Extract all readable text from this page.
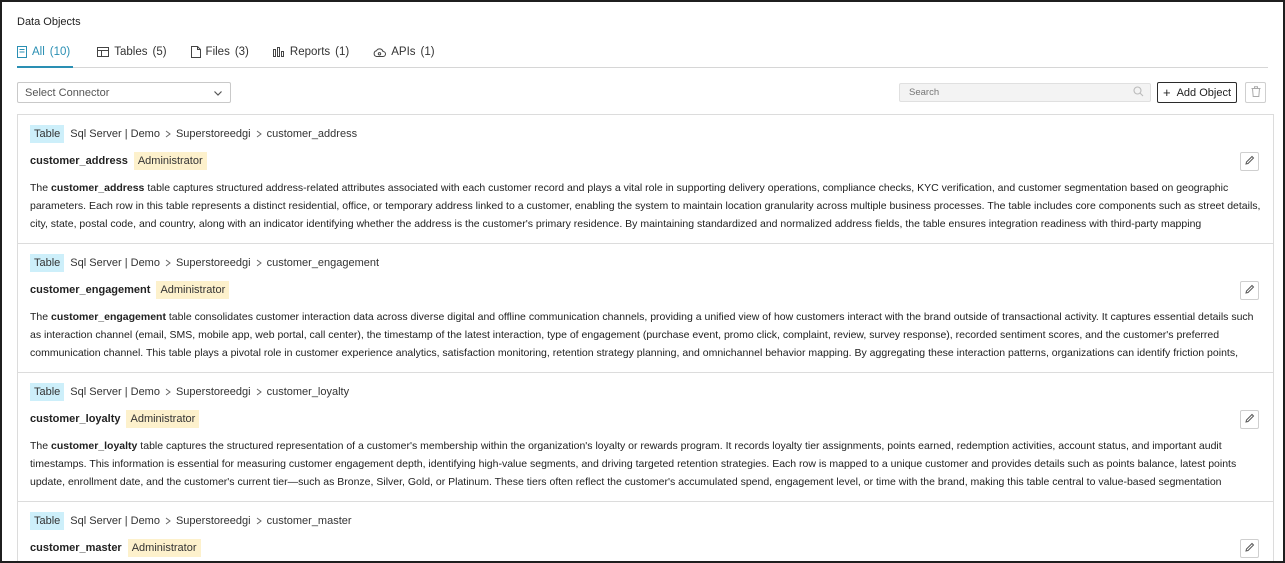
Data Objects
All (10)	Tables (5)	Files (3)	Reports (1)	APIs (1)
Select Connector
Search	+ Add Object
Table Sql Server | Demo Superstoreedgi customer_address
customer_address Administrator
The customer_address table captures structured address-related attributes associated with each customer record and plays a vital role in supporting delivery operations, compliance checks, KYC verification, and customer segmentation based on geographic parameters. Each row in this table represents a distinct residential, office, or temporary address linked to a customer, enabling the system to maintain location granularity across multiple business processes. The table includes core components such as street details, city, state, postal code, and country, along with an indicator identifying whether the address is the customer's primary residence. By maintaining standardized and normalized address fields, the table ensures integration readiness with third-party mapping
Table Sql Server | Demo Superstoreedgi customer_engagement
customer_engagement Administrator
The customer_engagement table consolidates customer interaction data across diverse digital and offline communication channels, providing a unified view of how customers interact with the brand outside of transactional activity. It captures essential details such as interaction channel (email, SMS, mobile app, web portal, call center), the timestamp of the latest interaction, type of engagement (purchase event, promo click, complaint, review, survey response), recorded sentiment scores, and the customer's preferred communication channel. This table plays a pivotal role in customer experience analytics, satisfaction monitoring, retention strategy planning, and omnichannel behavior mapping. By aggregating these interaction patterns, organizations can identify friction points,
Table Sql Server | Demo Superstoreedgi customer_loyalty
customer_loyalty Administrator
The customer_loyalty table captures the structured representation of a customer's membership within the organization's loyalty or rewards program. It records loyalty tier assignments, points earned, redemption activities, account status, and important audit timestamps. This information is essential for measuring customer engagement depth, identifying high-value segments, and driving targeted retention strategies. Each row is mapped to a unique customer and provides details such as points balance, latest points update, enrollment date, and the customer's current tier—such as Bronze, Silver, Gold, or Platinum. These tiers often reflect the customer's accumulated spend, engagement level, or time with the brand, making this table central to value-based segmentation
Table Sql Server | Demo Superstoreedgi customer_master
customer_master Administrator
